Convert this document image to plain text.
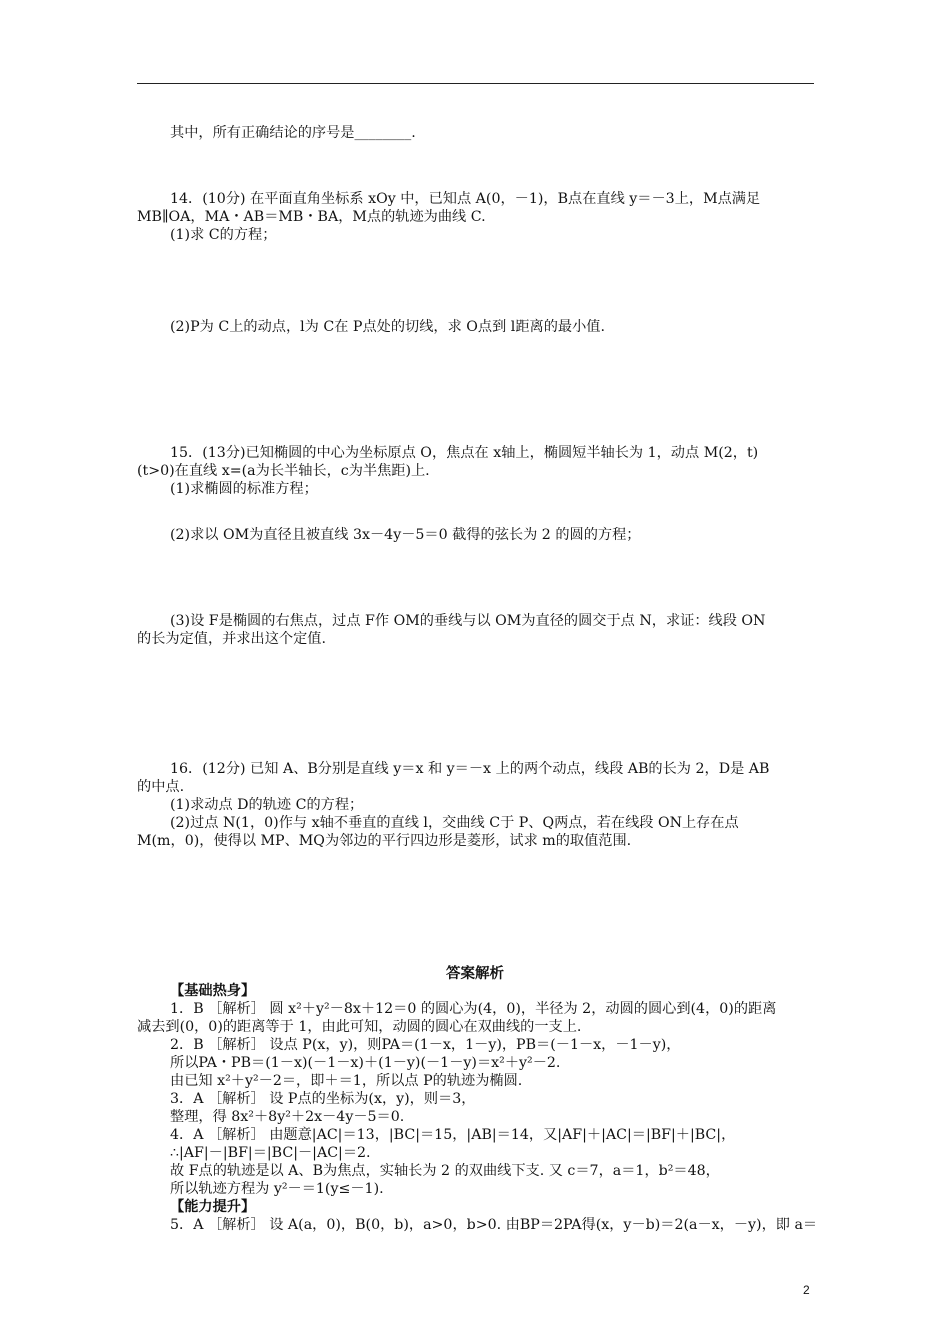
其中，所有正确结论的序号是________.
14．(10分) 在平面直角坐标系 xOy 中，已知点 A(0，－1)，B点在直线 y＝－3上，M点满足
MB∥OA，MA・AB＝MB・BA，M点的轨迹为曲线 C.
(1)求 C的方程；
(2)P为 C上的动点，l为 C在 P点处的切线，求 O点到 l距离的最小值.
15．(13分)已知椭圆的中心为坐标原点 O，焦点在 x轴上，椭圆短半轴长为 1，动点 M(2，t)
(t>0)在直线 x=(a为长半轴长，c为半焦距)上.
(1)求椭圆的标准方程；
(2)求以 OM为直径且被直线 3x－4y－5＝0 截得的弦长为 2 的圆的方程；
(3)设 F是椭圆的右焦点，过点 F作 OM的垂线与以 OM为直径的圆交于点 N，求证：线段 ON
的长为定值，并求出这个定值.
16．(12分) 已知 A、B分别是直线 y＝x 和 y＝－x 上的两个动点，线段 AB的长为 2，D是 AB
的中点.
(1)求动点 D的轨迹 C的方程；
(2)过点 N(1，0)作与 x轴不垂直的直线 l，交曲线 C于 P、Q两点，若在线段 ON上存在点
M(m，0)，使得以 MP、MQ为邻边的平行四边形是菱形，试求 m的取值范围.
答案解析
【基础热身】
1．B ［解析］ 圆 x²＋y²－8x＋12＝0 的圆心为(4，0)，半径为 2，动圆的圆心到(4，0)的距离
减去到(0，0)的距离等于 1，由此可知，动圆的圆心在双曲线的一支上.
2．B ［解析］ 设点 P(x，y)，则PA＝(1－x，1－y)，PB＝(－1－x，－1－y)，
所以PA・PB＝(1－x)(－1－x)＋(1－y)(－1－y)＝x²＋y²－2.
由已知 x²＋y²－2＝，即＋＝1，所以点 P的轨迹为椭圆.
3．A ［解析］ 设 P点的坐标为(x，y)，则＝3，
整理，得 8x²＋8y²＋2x－4y－5＝0.
4．A ［解析］ 由题意|AC|＝13，|BC|＝15，|AB|＝14，又|AF|＋|AC|＝|BF|＋|BC|，
∴|AF|－|BF|＝|BC|－|AC|＝2.
故 F点的轨迹是以 A、B为焦点，实轴长为 2 的双曲线下支. 又 c＝7，a＝1，b²＝48，
所以轨迹方程为 y²－＝1(y≤－1).
【能力提升】
5．A ［解析］ 设 A(a，0)，B(0，b)，a>0，b>0. 由BP＝2PA得(x，y－b)＝2(a－x，－y)，即 a＝
2
